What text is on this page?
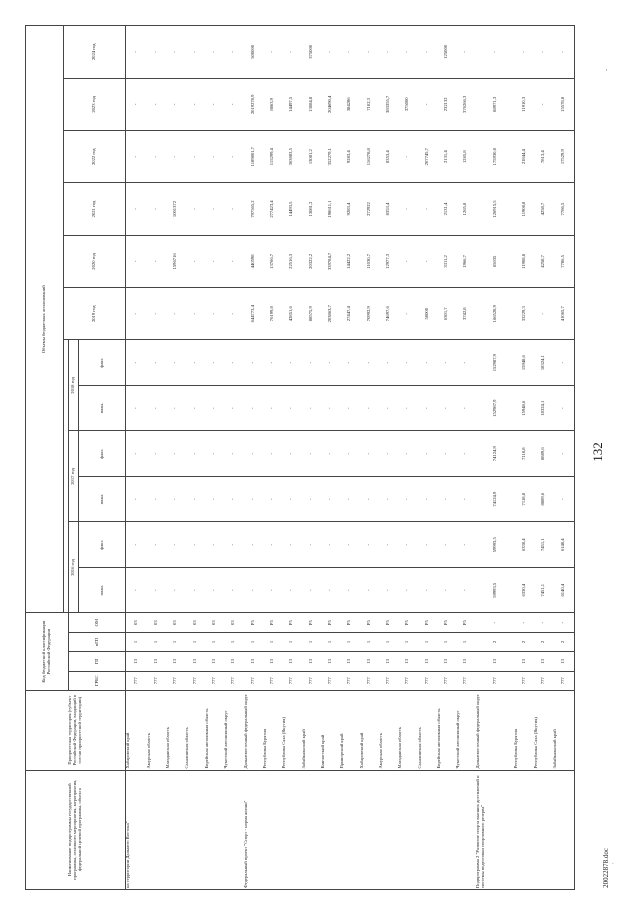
132
20022878.doc
-
.
Наименование подпрограммы государственной программы, основного мероприятия, мероприятия, федеральной целевой программы, объекта	Приоритетная территория (субъект Российской Федерации, входящий в состав приоритетной территории)	Код бюджетной классификации Российской Федерации				Объемы бюджетных ассигнований											
												2019 год	2020 год	2021 год	2022 год	2023 год	2024 год
		ГРБС	ГП	пГП	ОМ	2016 год		2017 год		2018 год							
						план.	факт.	план.	факт.	план.	факт.						
на территории Дальнего Востока"	Хабаровский край	777	13	1	03	-	-	-	-	-	-	-	-	-	-	-	-
	Амурская область	777	13	1	03	-	-	-	-	-	-	-	-	-	-	-	-
	Магаданская область	777	13	1	03	-	-	-	-	-	-	-	1596716	1001372	-	-	-
	Сахалинская область	777	13	1	03	-	-	-	-	-	-	-	-	-	-	-	-
	Еврейская автономная область	777	13	1	03	-	-	-	-	-	-	-	-	-	-	-	-
	Чукотский автономный округ	777	13	1	03	-	-	-	-	-	-	-	-	-	-	-	-
Федеральный проект "Спорт - норма жизни"	Дальневосточный федеральный округ	777	13	1	P5	-	-	-	-	-	-	644773,4	440598	797565,2	1189801,7	2019278,9	500000
	Республика Бурятия	777	13	1	P5	-	-	-	-	-	-	76199,8	13766,7	277423,4	115299,4	8863,9	-
	Республика Саха (Якутия)	777	13	1	P5	-	-	-	-	-	-	42851,6	22516,3	14493,5	363083,5	14497,5	-
	Забайкальский край	777	13	1	P5	-	-	-	-	-	-	88575,9	20322,2	13081,2	13081,2	13084,8	375000
	Камчатский край	777	13	1	P5	-	-	-	-	-	-	203863,7	339784,7	198611,1	352279,1	204690,4	-
	Приморский край	777	13	1	P5	-	-	-	-	-	-	27447,4	14422,2	9283,4	9283,4	384286	-
	Хабаровский край	777	13	1	P5	-	-	-	-	-	-	70992,9	11030,7	272922	116278,8	7102,3	-
	Амурская область	777	13	1	P5	-	-	-	-	-	-	74697,6	12977,3	8353,4	8353,4	383355,7	-
	Магаданская область	777	13	1	P5	-	-	-	-	-	-	-	-	-	-	375000	-
	Сахалинская область	777	13	1	P5	-	-	-	-	-	-	50000	-	-	207745,7	-	-
	Еврейская автономная область	777	13	1	P5	-	-	-	-	-	-	6301,7	3311,2	2131,4	2131,4	232132	125000
	Чукотский автономный округ	777	13	1	P5	-	-	-	-	-	-	3742,8	1966,7	1265,8	1265,8	376266,3	-
Подпрограмма 2 "Развитие спорта высших достижений и системы подготовки спортивного резерва"	Дальневосточный федеральный округ	777	13	2	-	59993,5	59993,5	74124,9	74124,9	152987,9	152987,9	166528,9	65035	126915,5	175930,8	88971,3	-
	Республика Бурятия	777	13	2	-	6330,4	6330,4	7118,8	7118,8	15948,6	15948,6	33229,3	11908,8	11908,8	21844,4	11910,3	-
	Республика Саха (Якутия)	777	13	2	-	7451,1	7451,1	8889,6	8889,6	18324,1	18324,1	-	4258,7	4258,7	7813,4	-	-
	Забайкальский край	777	13	2	-	6140,4	6140,4	-	-	-	-	41065,7	7786,5	7786,5	17529,9	15578,8	-
